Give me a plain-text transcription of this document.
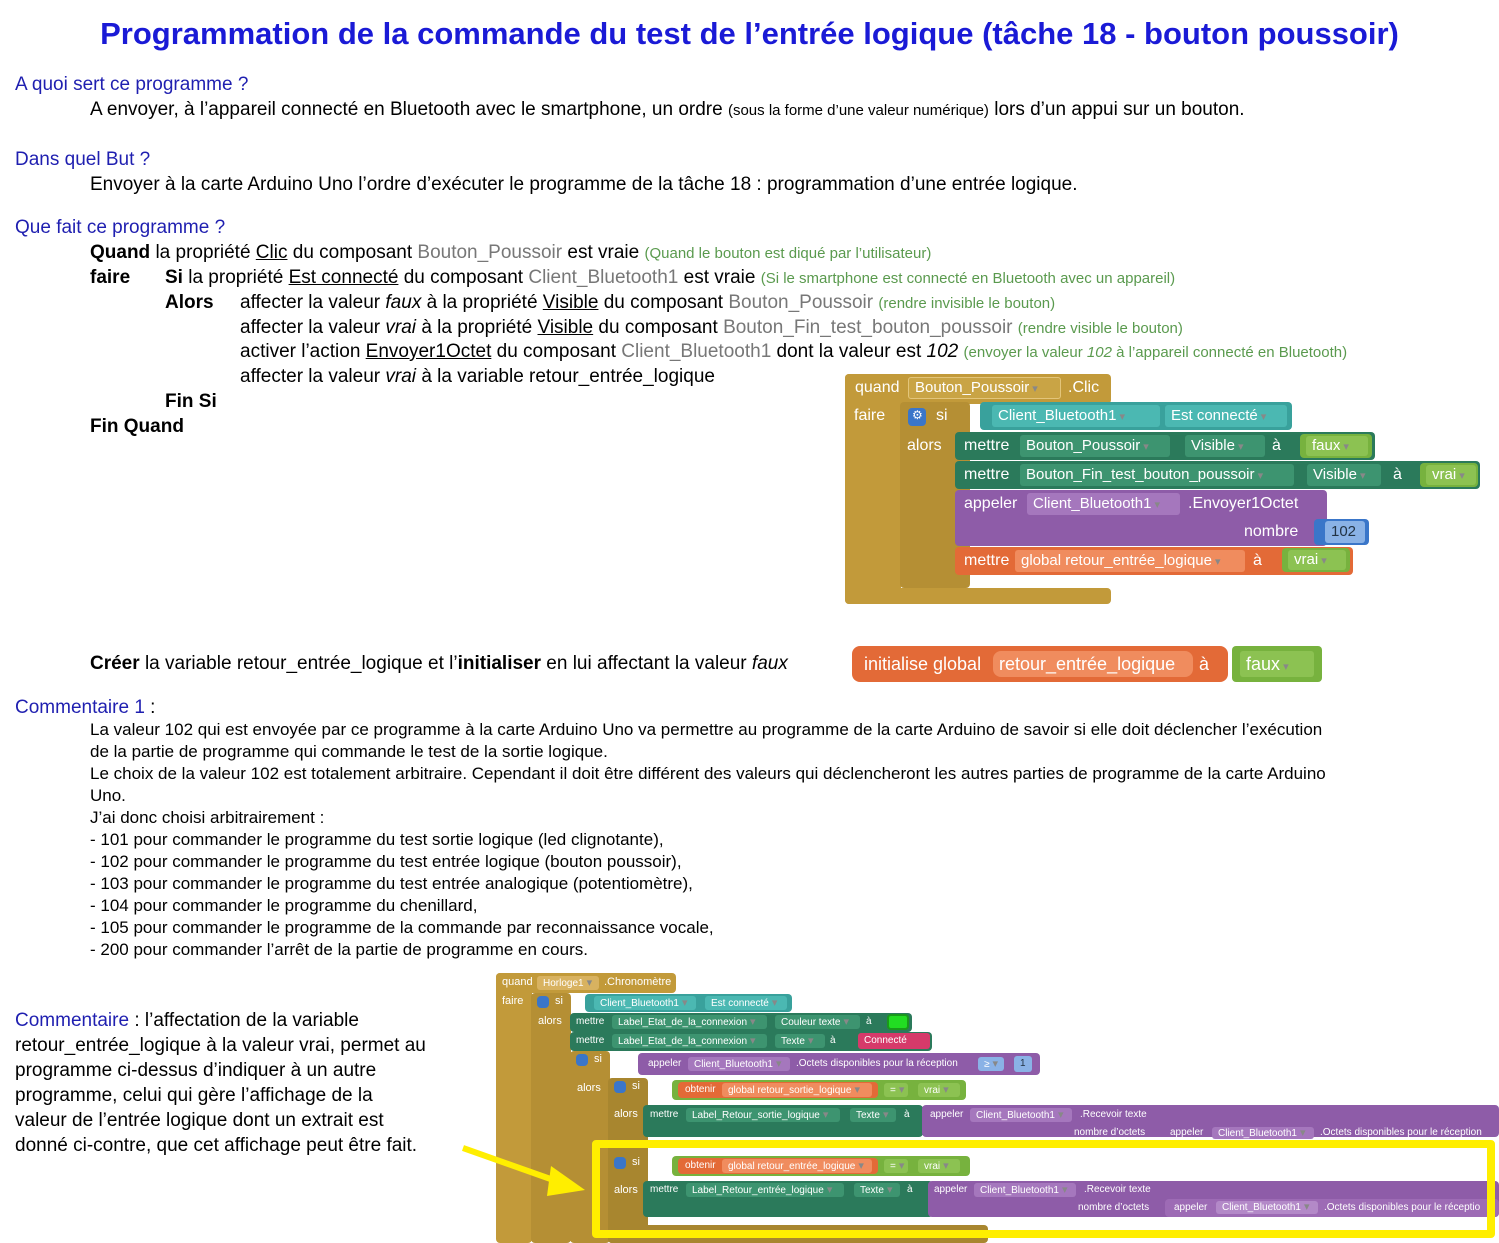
Programmation de la commande du test de l’entrée logique (tâche 18 - bouton poussoir)
A quoi sert ce programme ?
A envoyer, à l’appareil connecté en Bluetooth avec le smartphone, un ordre (sous la forme d’une valeur numérique) lors d’un appui sur un bouton.
Dans quel But ?
Envoyer à la carte Arduino Uno l’ordre d’exécuter le programme de la tâche 18 : programmation d’une entrée logique.
Que fait ce programme ?
Quand la propriété Clic du composant Bouton_Poussoir est vraie (Quand le bouton est diqué par l’utilisateur)
faire Si la propriété Est connecté du composant Client_Bluetooth1 est vraie (Si le smartphone est connecté en Bluetooth avec un appareil)
Alors affecter la valeur faux à la propriété Visible du composant Bouton_Poussoir (rendre invisible le bouton)
affecter la valeur vrai à la propriété Visible du composant Bouton_Fin_test_bouton_poussoir (rendre visible le bouton)
activer l’action Envoyer1Octet du composant Client_Bluetooth1 dont la valeur est 102 (envoyer la valeur 102 à l’appareil connecté en Bluetooth)
affecter la valeur vrai à la variable retour_entrée_logique
Fin Si
Fin Quand
quand	Bouton_Poussoir ▾	.Clic
faire ⚙ si
alors
Client_Bluetooth1 ▾	Est connecté ▾
mettre	Bouton_Poussoir ▾	Visible ▾	à	faux ▾
mettre	Bouton_Fin_test_bouton_poussoir ▾	Visible ▾	à	vrai ▾
appeler	Client_Bluetooth1 ▾	.Envoyer1Octet
nombre	102
mettre global retour_entrée_logique ▾	à	vrai ▾
Créer la variable retour_entrée_logique et l’initialiser en lui affectant la valeur faux	initialise global retour_entrée_logique	à	faux ▾
Commentaire 1 :
La valeur 102 qui est envoyée par ce programme à la carte Arduino Uno va permettre au programme de la carte Arduino de savoir si elle doit déclencher l’exécution
de la partie de programme qui commande le test de la sortie logique.
Le choix de la valeur 102 est totalement arbitraire. Cependant il doit être différent des valeurs qui déclencheront les autres parties de programme de la carte Arduino
Uno.
J’ai donc choisi arbitrairement :
- 101 pour commander le programme du test sortie logique (led clignotante),
- 102 pour commander le programme du test entrée logique (bouton poussoir),
- 103 pour commander le programme du test entrée analogique (potentiomètre),
- 104 pour commander le programme du chenillard,
- 105 pour commander le programme de la commande par reconnaissance vocale,
- 200 pour commander l’arrêt de la partie de programme en cours.
Commentaire : l’affectation de la variable
retour_entrée_logique à la valeur vrai, permet au
programme ci-dessus d’indiquer à un autre
programme, celui qui gère l’affichage de la
valeur de l’entrée logique dont un extrait est
donné ci-contre, que cet affichage peut être fait.
quand	Horloge1 ▾	.Chronomètre
faire	si
alors
Client_Bluetooth1 ▾	Est connecté ▾
mettre	Label_Etat_de_la_connexion ▾	Couleur texte ▾	à
mettre	Label_Etat_de_la_connexion ▾	Texte ▾	à	Connecté
si	appeler	Client_Bluetooth1 ▾	.Octets disponibles pour la réception	≥ ▾	1
alors	si	obtenir	global retour_sortie_logique ▾	= ▾	vrai ▾
alors mettre	Label_Retour_sortie_logique ▾	Texte ▾	à appeler	Client_Bluetooth1 ▾	.Recevoir texte
nombre d’octets appeler	Client_Bluetooth1 ▾	.Octets disponibles pour le réception
si	obtenir	global retour_entrée_logique ▾	= ▾	vrai ▾
alors mettre	Label_Retour_entrée_logique ▾	Texte ▾	à appeler	Client_Bluetooth1 ▾	.Recevoir texte
nombre d’octets appeler	Client_Bluetooth1 ▾	.Octets disponibles pour le réceptio
